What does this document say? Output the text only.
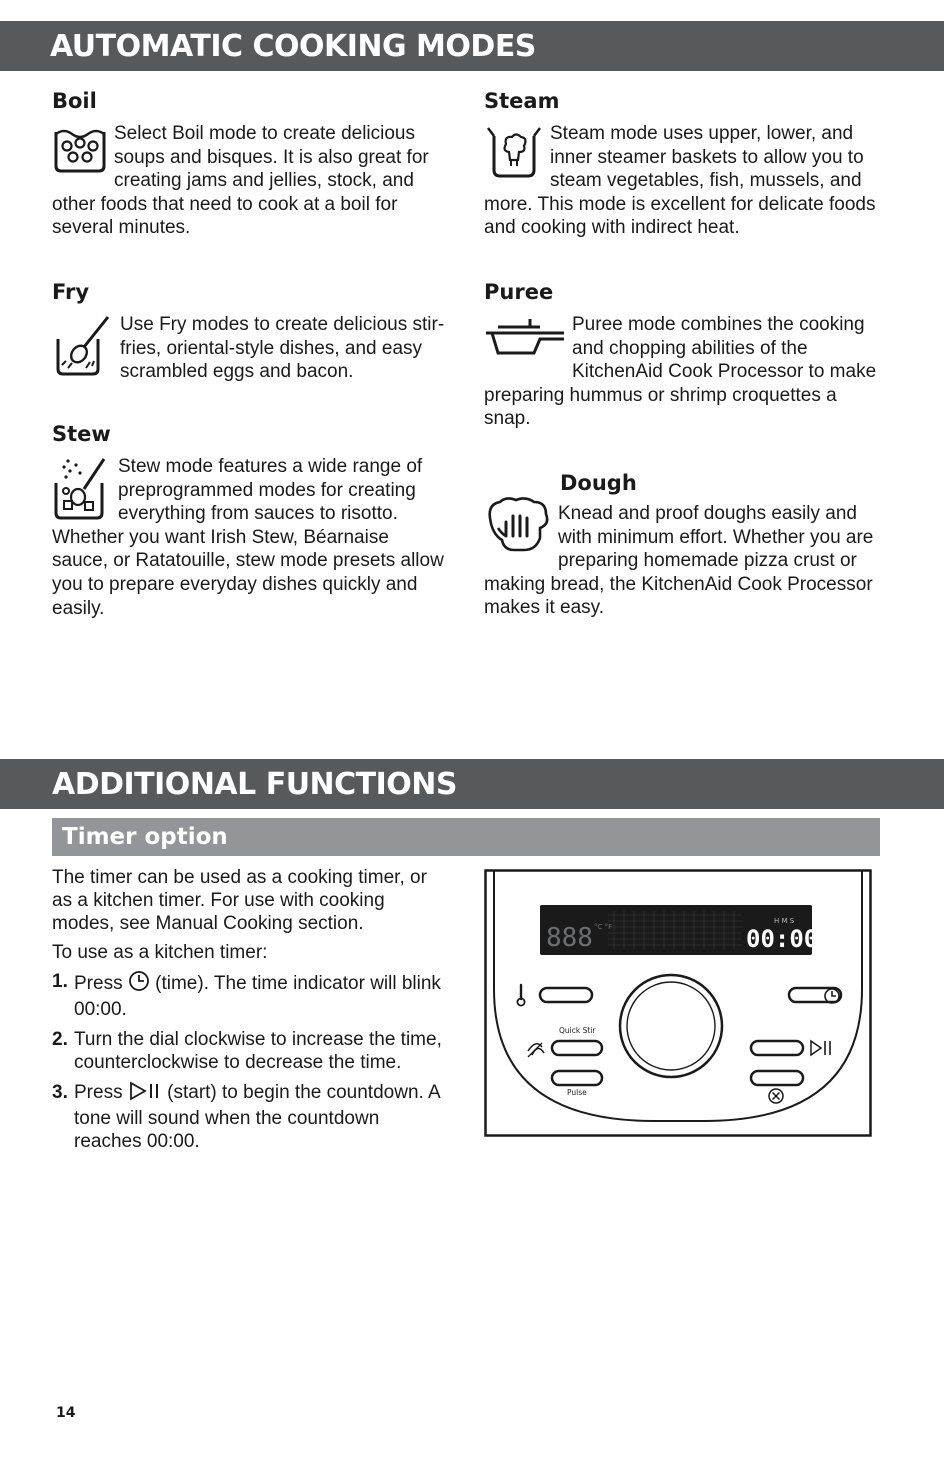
AUTOMATIC COOKING MODES
Boil

Select Boil mode to create delicious soups and bisques. It is also great for creating jams and jellies, stock, and other foods that need to cook at a boil for several minutes.

Steam

Steam mode uses upper, lower, and inner steamer baskets to allow you to steam vegetables, fish, mussels, and more. This mode is excellent for delicate foods and cooking with indirect heat.

Fry

Use Fry modes to create delicious stir-fries, oriental-style dishes, and easy scrambled eggs and bacon.

Puree

Puree mode combines the cooking and chopping abilities of the KitchenAid Cook Processor to make preparing hummus or shrimp croquettes a snap.

Stew

Stew mode features a wide range of preprogrammed modes for creating everything from sauces to risotto. Whether you want Irish Stew, Béarnaise sauce, or Ratatouille, stew mode presets allow you to prepare everyday dishes quickly and easily.

Dough

Knead and proof doughs easily and with minimum effort. Whether you are preparing homemade pizza crust or making bread, the KitchenAid Cook Processor makes it easy.

ADDITIONAL FUNCTIONS
Timer option

The timer can be used as a cooking timer, or as a kitchen timer. For use with cooking modes, see Manual Cooking section.

To use as a kitchen timer:

1. Press (time). The time indicator will blink 00:00.
2. Turn the dial clockwise to increase the time, counterclockwise to decrease the time.
3. Press (start) to begin the countdown. A tone will sound when the countdown reaches 00:00.
888 °C °F
H M S
00:00
Quick Stir
Pulse
14
